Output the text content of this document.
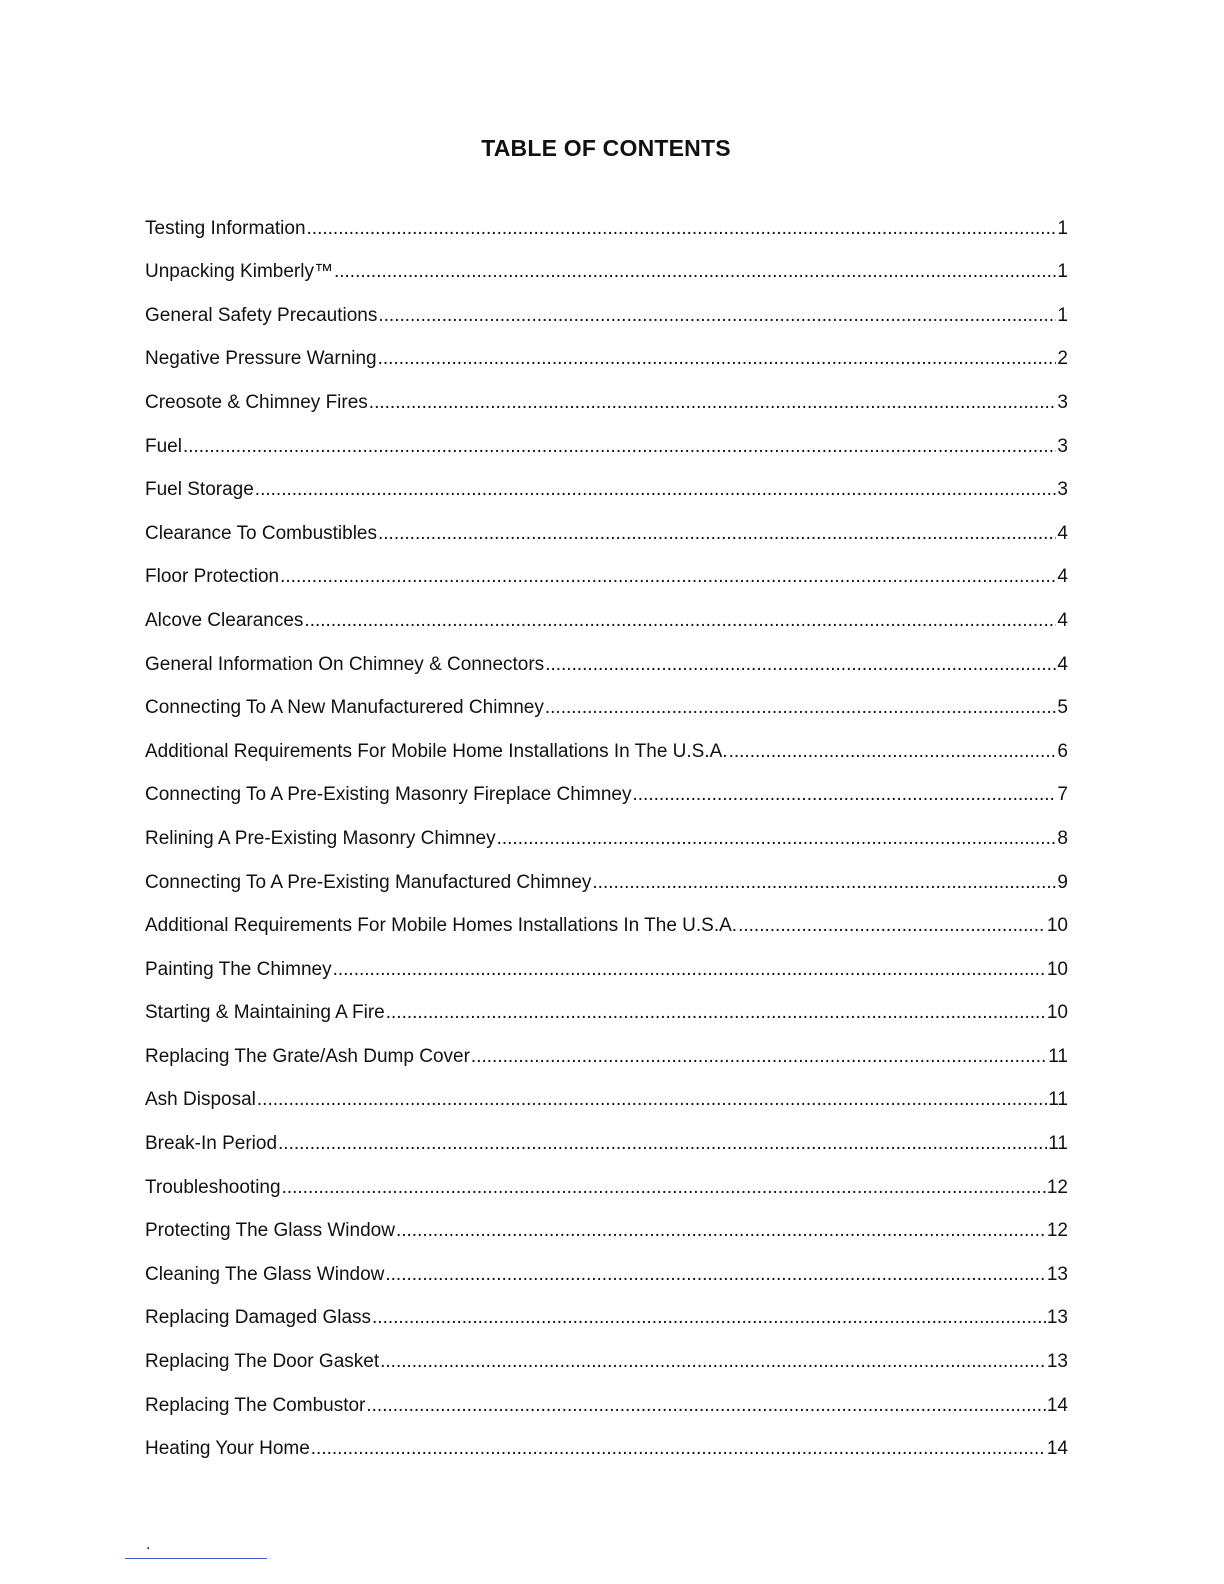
TABLE OF CONTENTS
Testing Information .....	1
Unpacking Kimberly™ .....	1
General Safety Precautions .....	1
Negative Pressure Warning .....	2
Creosote & Chimney Fires .....	3
Fuel .....	3
Fuel Storage .....	3
Clearance To Combustibles .....	4
Floor Protection .....	4
Alcove Clearances .....	4
General Information On Chimney & Connectors .....	4
Connecting To A New Manufacturered Chimney .....	5
Additional Requirements For Mobile Home Installations In The U.S.A. .....	6
Connecting To A Pre-Existing Masonry Fireplace Chimney .....	7
Relining A Pre-Existing Masonry Chimney .....	8
Connecting To A Pre-Existing Manufactured Chimney .....	9
Additional Requirements For Mobile Homes Installations In The U.S.A. .....	10
Painting The Chimney .....	10
Starting & Maintaining A Fire .....	10
Replacing The Grate/Ash Dump Cover .....	11
Ash Disposal .....	11
Break-In Period .....	11
Troubleshooting .....	12
Protecting The Glass Window .....	12
Cleaning The Glass Window .....	13
Replacing Damaged Glass .....	13
Replacing The Door Gasket .....	13
Replacing The Combustor .....	14
Heating Your Home .....	14

.
